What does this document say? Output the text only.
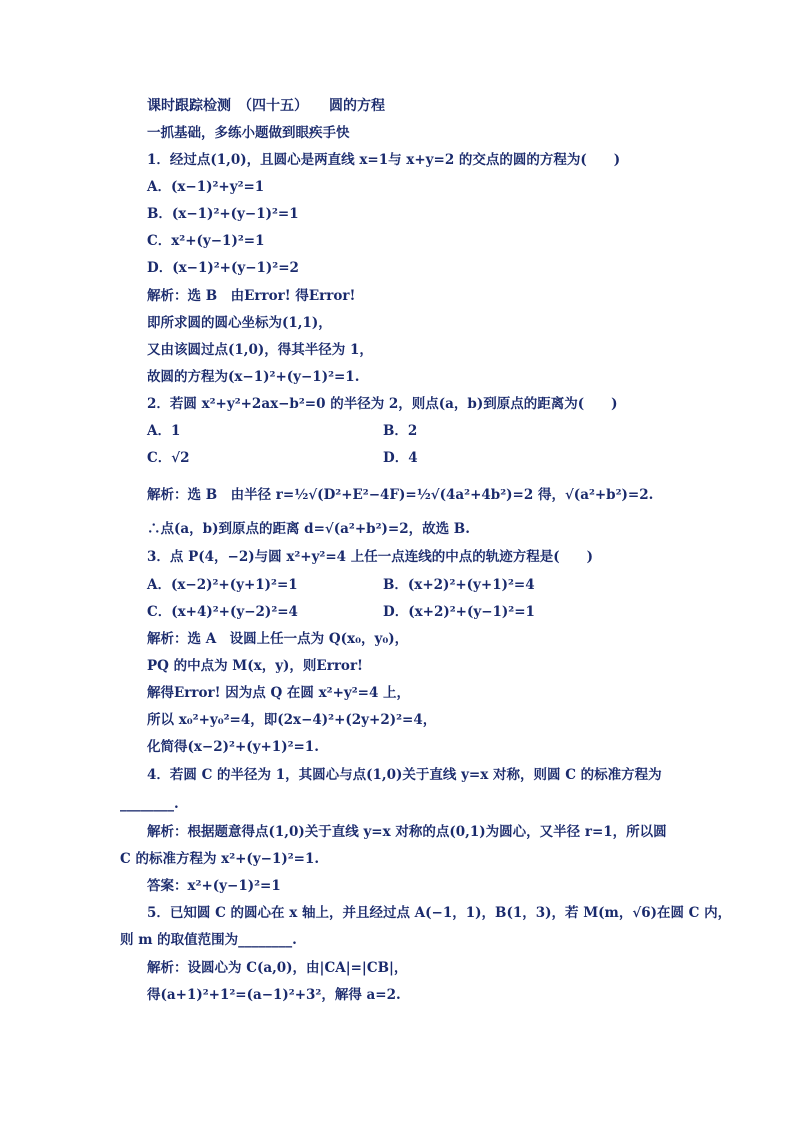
课时跟踪检测　（四十五）　　圆的方程
一抓基础，多练小题做到眼疾手快
1．经过点(1,0)，且圆心是两直线 x=1与 x+y=2 的交点的圆的方程为(　　)
A．(x−1)²+y²=1
B．(x−1)²+(y−1)²=1
C．x²+(y−1)²=1
D．(x−1)²+(y−1)²=2
解析：选 B　由Error! 得Error!
即所求圆的圆心坐标为(1,1)，
又由该圆过点(1,0)，得其半径为 1，
故圆的方程为(x−1)²+(y−1)²=1.
2．若圆 x²+y²+2ax−b²=0 的半径为 2，则点(a，b)到原点的距离为(　　)
A．1	B．2
C．√2	D．4
解析：选 B　由半径 r=½√(D²+E²−4F)=½√(4a²+4b²)=2 得，√(a²+b²)=2.
∴点(a，b)到原点的距离 d=√(a²+b²)=2，故选 B.
3．点 P(4，−2)与圆 x²+y²=4 上任一点连线的中点的轨迹方程是(　　)
A．(x−2)²+(y+1)²=1	B．(x+2)²+(y+1)²=4
C．(x+4)²+(y−2)²=4	D．(x+2)²+(y−1)²=1
解析：选 A　设圆上任一点为 Q(x₀，y₀)，
PQ 的中点为 M(x，y)，则Error!
解得Error! 因为点 Q 在圆 x²+y²=4 上，
所以 x₀²+y₀²=4，即(2x−4)²+(2y+2)²=4，
化简得(x−2)²+(y+1)²=1.
4．若圆 C 的半径为 1，其圆心与点(1,0)关于直线 y=x 对称，则圆 C 的标准方程为
________.
解析：根据题意得点(1,0)关于直线 y=x 对称的点(0,1)为圆心，又半径 r=1，所以圆
C 的标准方程为 x²+(y−1)²=1.
答案：x²+(y−1)²=1
5．已知圆 C 的圆心在 x 轴上，并且经过点 A(−1，1)，B(1，3)，若 M(m，√6)在圆 C 内，
则 m 的取值范围为________.
解析：设圆心为 C(a,0)，由|CA|=|CB|，
得(a+1)²+1²=(a−1)²+3²，解得 a=2.
